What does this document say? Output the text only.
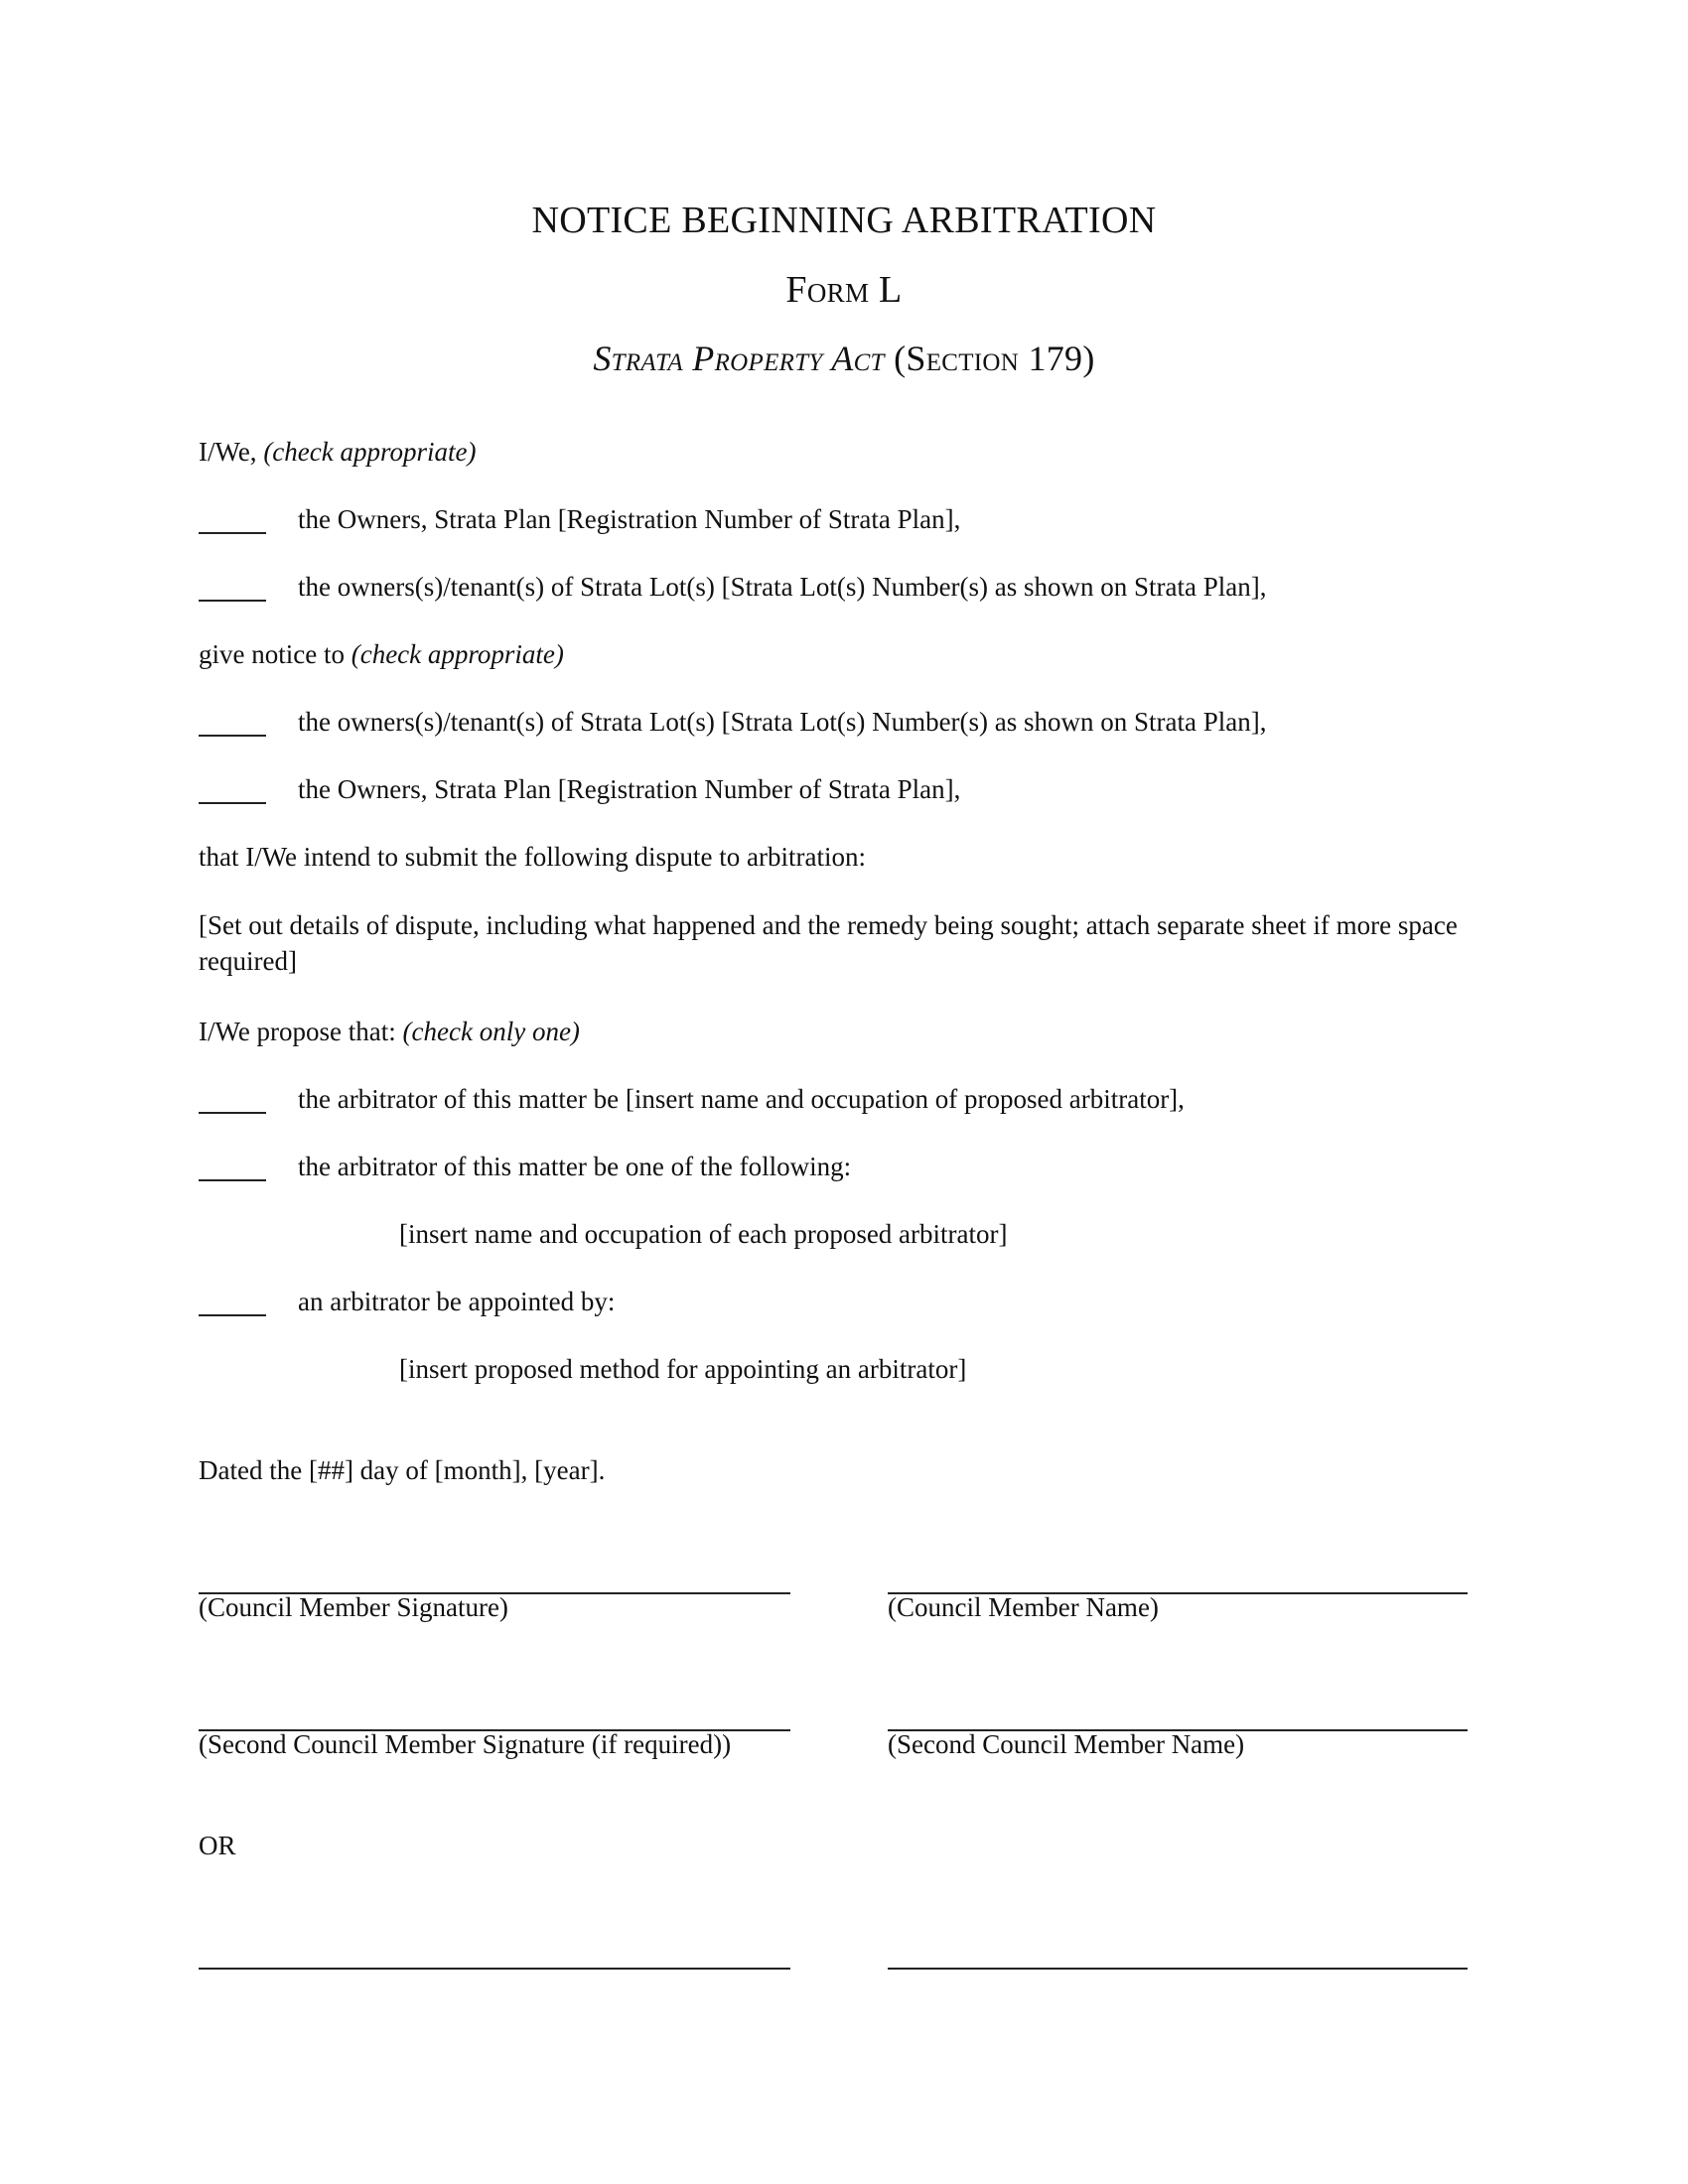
NOTICE BEGINNING ARBITRATION
Form L
Strata Property Act (Section 179)
I/We, (check appropriate)
the Owners, Strata Plan [Registration Number of Strata Plan],
the owners(s)/tenant(s) of Strata Lot(s) [Strata Lot(s) Number(s) as shown on Strata Plan],
give notice to (check appropriate)
the owners(s)/tenant(s) of Strata Lot(s) [Strata Lot(s) Number(s) as shown on Strata Plan],
the Owners, Strata Plan [Registration Number of Strata Plan],
that I/We intend to submit the following dispute to arbitration:
[Set out details of dispute, including what happened and the remedy being sought; attach separate sheet if more space required]
I/We propose that: (check only one)
the arbitrator of this matter be [insert name and occupation of proposed arbitrator],
the arbitrator of this matter be one of the following:
[insert name and occupation of each proposed arbitrator]
an arbitrator be appointed by:
[insert proposed method for appointing an arbitrator]
Dated the [##] day of [month], [year].
(Council Member Signature)	(Council Member Name)
(Second Council Member Signature (if required))	(Second Council Member Name)
OR
